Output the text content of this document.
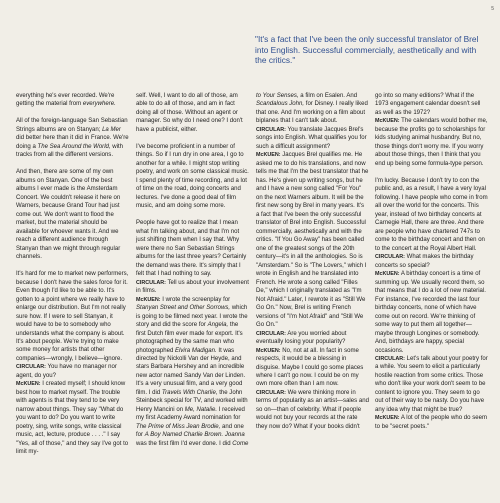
5

"It's a fact that I've been the only successful translator of Brel into English. Successful commercially, aesthetically and with the critics."

everything he's ever recorded. We're getting the material from everywhere.

All of the foreign-language San Sebastian Strings albums are on Stanyan; La Mer did better here than it did in France. We're doing a The Sea Around the World, with tracks from all the different versions.

And then, there are some of my own albums on Stanyan. One of the best albums I ever made is the Amsterdam Concert. We couldn't release it here on Warners, because Grand Tour had just come out. We don't want to flood the market, but the material should be available for whoever wants it. And we reach a different audience through Stanyan than we might through regular channels.

It's hard for me to market new performers, because I don't have the sales force for it. Even though I'd like to be able to. It's gotten to a point where we really have to enlarge our distribution. But I'm not really sure how. If I were to sell Stanyan, it would have to be to somebody who understands what the company is about. It's about people. We're trying to make some money for artists that other companies—wrongly, I believe—ignore.

CIRCULAR: You have no manager nor agent, do you?

McKUEN: I created myself; I should know best how to market myself. The trouble with agents is that they tend to be very narrow about things. They say "What do you want to do? Do you want to write poetry, sing, write songs, write classical music, act, lecture, produce . . . ." I say "Yes, all of those," and they say I've got to limit my-

self. Well, I want to do all of those, am able to do all of those, and am in fact doing all of those. Without an agent or manager. So why do I need one? I don't have a publicist, either.

I've become proficient in a number of things. So if I run dry in one area, I go to another for a while. I might stop writing poetry, and work on some classical music. I spend plenty of time recording, and a lot of time on the road, doing concerts and lectures. I've done a good deal of film music, and am doing some more.

People have got to realize that I mean what I'm talking about, and that I'm not just shifting them when I say that. Why were there no San Sebastian Strings albums for the last three years? Certainly the demand was there. It's simply that I felt that I had nothing to say.

CIRCULAR: Tell us about your involvement in films.

McKUEN: I wrote the screenplay for Stanyan Street and Other Sorrows, which is going to be filmed next year. I wrote the story and did the score for Angela, the first Dutch film ever made for export. It's photographed by the same man who photographed Elvira Madigan. It was directed by Nickolli Van der Heyde, and stars Barbara Hershey and an incredible new actor named Sandy Van der Linden. It's a very unusual film, and a very good film. I did Travels With Charlie, the John Steinbeck special for TV, and worked with Henry Mancini on Me, Natalie. I received my first Academy Award nomination for The Prime of Miss Jean Brodie, and one for A Boy Named Charlie Brown. Joanna was the first film I'd ever done. I did Come

to Your Senses, a film on Esalen. And Scandalous John, for Disney. I really liked that one. And I'm working on a film about biplanes that I can't talk about.

CIRCULAR: You translate Jacques Brel's songs into English. What qualifies you for such a difficult assignment?

McKUEN: Jacques Brel qualifies me. He asked me to do his translations, and now tells me that I'm the best translator that he has. He's given up writing songs, but he and I have a new song called "For You" on the next Warners album. It will be the first new song by Brel in many years. It's a fact that I've been the only successful translator of Brel into English. Successful commercially, aesthetically and with the critics. "If You Go Away" has been called one of the greatest songs of the 20th century—it's in all the anthologies. So is "Amsterdam." So is "The Lovers," which I wrote in English and he translated into French. He wrote a song called "Filles De," which I originally translated as "I'm Not Afraid." Later, I rewrote it as "Still We Go On." Now, Brel is writing French versions of "I'm Not Afraid" and "Still We Go On."

CIRCULAR: Are you worried about eventually losing your popularity?

McKUEN: No, not at all. In fact in some respects, it would be a blessing in disguise. Maybe I could go some places where I can't go now. I could be on my own more often than I am now.

CIRCULAR: We were thinking more in terms of popularity as an artist—sales and so on—than of celebrity. What if people would not buy your records at the rate they now do? What if your books didn't

go into so many editions? What if the 1973 engagement calendar doesn't sell as well as the 1972?

McKUEN: The calendars would bother me, because the profits go to scholarships for kids studying animal husbandry. But no, those things don't worry me. If you worry about those things, then I think that you end up being some formula-type person.

I'm lucky. Because I don't try to con the public and, as a result, I have a very loyal following. I have people who come in from all over the world for the concerts. This year, instead of two birthday concerts at Carnegie Hall, there are three. And there are people who have chartered 747s to come to the birthday concert and then on to the concert at the Royal Albert Hall.

CIRCULAR: What makes the birthday concerts so special?

McKUEN: A birthday concert is a time of summing up. We usually record them, so that means that I do a lot of new material. For instance, I've recorded the last four birthday concerts, none of which have come out on record. We're thinking of some way to put them all together—maybe through Longines or somebody. And, birthdays are happy, special occasions.

CIRCULAR: Let's talk about your poetry for a while. You seem to elicit a particularly hostile reaction from some critics. Those who don't like your work don't seem to be content to ignore you. They seem to go out of their way to be nasty. Do you have any idea why that might be true?

McKUEN: A lot of the people who do seem to be "secret poets."
